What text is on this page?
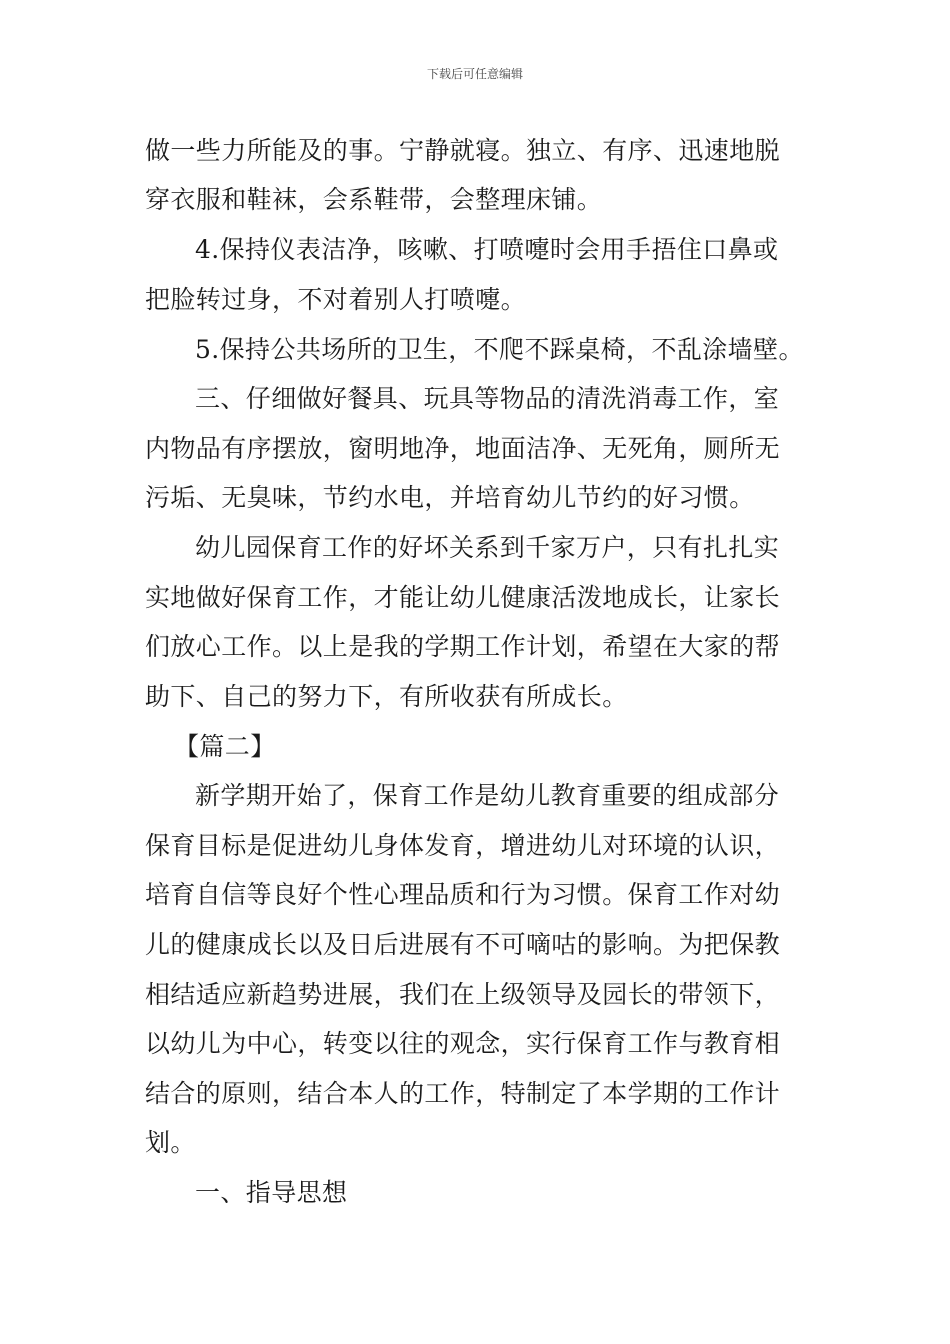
下载后可任意编辑
做一些力所能及的事。宁静就寝。独立、有序、迅速地脱
穿衣服和鞋袜，会系鞋带，会整理床铺。
4.保持仪表洁净，咳嗽、打喷嚏时会用手捂住口鼻或
把脸转过身，不对着别人打喷嚏。
5.保持公共场所的卫生，不爬不踩桌椅，不乱涂墙壁。
三、仔细做好餐具、玩具等物品的清洗消毒工作，室
内物品有序摆放，窗明地净，地面洁净、无死角，厕所无
污垢、无臭味，节约水电，并培育幼儿节约的好习惯。
幼儿园保育工作的好坏关系到千家万户，只有扎扎实
实地做好保育工作，才能让幼儿健康活泼地成长，让家长
们放心工作。以上是我的学期工作计划，希望在大家的帮
助下、自己的努力下，有所收获有所成长。
【篇二】
新学期开始了，保育工作是幼儿教育重要的组成部分
保育目标是促进幼儿身体发育，增进幼儿对环境的认识，
培育自信等良好个性心理品质和行为习惯。保育工作对幼
儿的健康成长以及日后进展有不可嘀咕的影响。为把保教
相结适应新趋势进展，我们在上级领导及园长的带领下，
以幼儿为中心，转变以往的观念，实行保育工作与教育相
结合的原则，结合本人的工作，特制定了本学期的工作计
划。
一、指导思想
